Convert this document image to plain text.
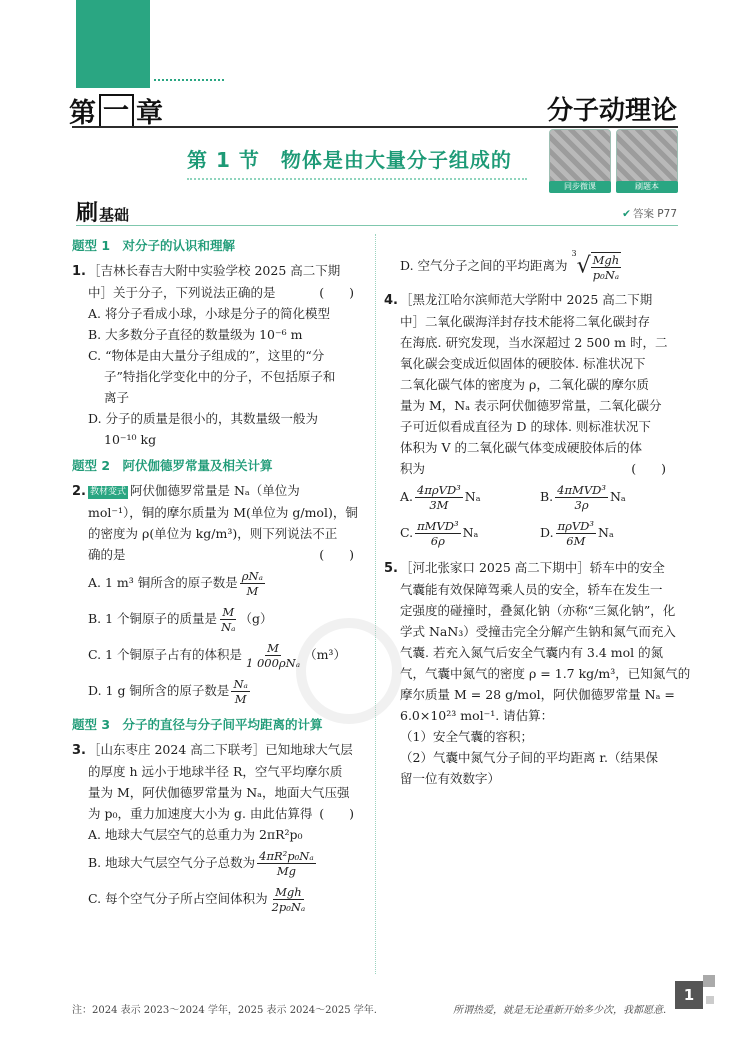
第 一 章	分子动理论
第 1 节　物体是由大量分子组成的
同步微课	刷题本
刷 基础	✔ 答案 P77
题型 1　对分子的认识和理解
1. ［吉林长春吉大附中实验学校 2025 高二下期
中］关于分子，下列说法正确的是	(　　)
A. 将分子看成小球，小球是分子的简化模型
B. 大多数分子直径的数量级为 10⁻⁶ m
C. “物体是由大量分子组成的”，这里的“分
子”特指化学变化中的分子，不包括原子和
离子
D. 分子的质量是很小的，其数量级一般为
10⁻¹⁰ kg
题型 2　阿伏伽德罗常量及相关计算
2. 教材变式 阿伏伽德罗常量是 Nₐ（单位为
mol⁻¹），铜的摩尔质量为 M(单位为 g/mol)，铜
的密度为 ρ(单位为 kg/m³)，则下列说法不正
确的是	(　　)
A. 1 m³ 铜所含的原子数是 $\frac{\text{ρNₐ}}{M}$
B. 1 个铜原子的质量是 $\frac{M}{\text{Nₐ}} (g)$
C. 1 个铜原子占有的体积是 $\frac{M}{\text{1 000ρNₐ}} (m^3)$
D. 1 g 铜所含的原子数是 $\frac{\text{Nₐ}}{M}$
题型 3　分子的直径与分子间平均距离的计算
3. ［山东枣庄 2024 高二下联考］已知地球大气层
的厚度 h 远小于地球半径 R，空气平均摩尔质
量为 M，阿伏伽德罗常量为 Nₐ，地面大气压强
为 p₀，重力加速度大小为 g. 由此估算得 (　　)
A. 地球大气层空气的总重力为 2πR²p₀
B. 地球大气层空气分子总数为 $\frac{\text{4πR²p₀Nₐ}}{Mg}$
C. 每个空气分子所占空间体积为 $\frac{\text{Mgh}}{\text{2p₀Nₐ}}$
D. 空气分子之间的平均距离为 $^3√ \frac{\text{Mgh}}{\text{p₀Nₐ}}$
4. ［黑龙江哈尔滨师范大学附中 2025 高二下期
中］二氧化碳海洋封存技术能将二氧化碳封存
在海底. 研究发现，当水深超过 2 500 m 时，二
氧化碳会变成近似固体的硬胶体. 标准状况下
二氧化碳气体的密度为 ρ，二氧化碳的摩尔质
量为 M，Nₐ 表示阿伏伽德罗常量，二氧化碳分
子可近似看成直径为 D 的球体. 则标准状况下
体积为 V 的二氧化碳气体变成硬胶体后的体
积为	(　　)
A. $\frac{\text{4πρVD³}}{3M}$ Nₐ	B. $\frac{\text{4πMVD³}}{3\rho}$ Nₐ
C. $\frac{\text{πMVD³}}{6\rho}$ Nₐ	D. $\frac{\text{πρVD³}}{6M}$ Nₐ
5. ［河北张家口 2025 高二下期中］轿车中的安全
气囊能有效保障驾乘人员的安全，轿车在发生一
定强度的碰撞时，叠氮化钠（亦称“三氮化钠”，化
学式 NaN₃）受撞击完全分解产生钠和氮气而充入
气囊. 若充入氮气后安全气囊内有 3.4 mol 的氮
气，气囊中氮气的密度 ρ = 1.7 kg/m³，已知氮气的
摩尔质量 M = 28 g/mol，阿伏伽德罗常量 Nₐ =
6.0×10²³ mol⁻¹. 请估算：
（1）安全气囊的容积；
（2）气囊中氮气分子间的平均距离 r.（结果保
留一位有效数字）
注：2024 表示 2023～2024 学年，2025 表示 2024～2025 学年.	所谓热爱，就是无论重新开始多少次，我都愿意.
1
